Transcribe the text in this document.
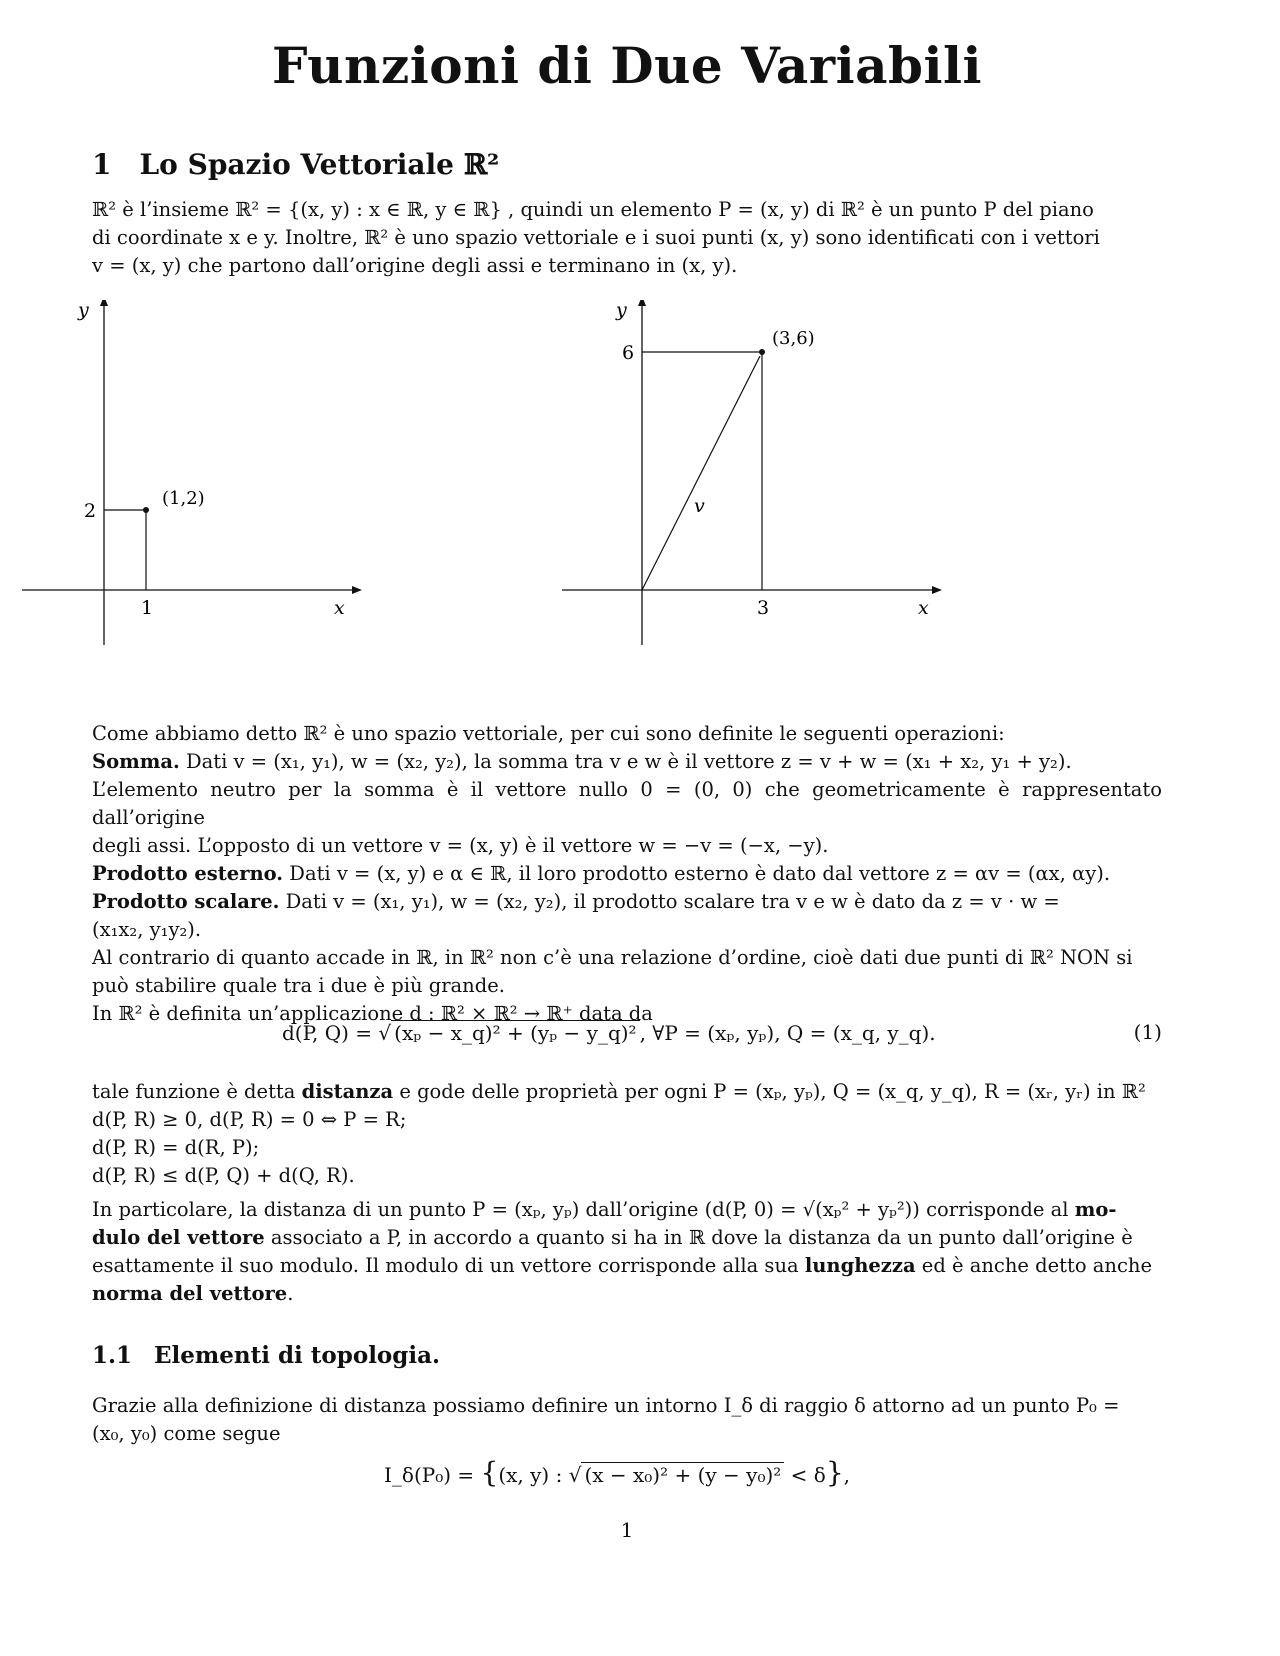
Funzioni di Due Variabili
1 Lo Spazio Vettoriale ℝ²
ℝ² è l’insieme ℝ² = {(x, y) : x ∈ ℝ, y ∈ ℝ} , quindi un elemento P = (x, y) di ℝ² è un punto P del piano
di coordinate x e y. Inoltre, ℝ² è uno spazio vettoriale e i suoi punti (x, y) sono identificati con i vettori
v = (x, y) che partono dall’origine degli assi e terminano in (x, y).
y
x
2
1
(1,2)
y
x
6
3
(3,6)
v
Come abbiamo detto ℝ² è uno spazio vettoriale, per cui sono definite le seguenti operazioni:
Somma. Dati v = (x₁, y₁), w = (x₂, y₂), la somma tra v e w è il vettore z = v + w = (x₁ + x₂, y₁ + y₂).
L’elemento neutro per la somma è il vettore nullo 0 = (0, 0) che geometricamente è rappresentato dall’origine
degli assi. L’opposto di un vettore v = (x, y) è il vettore w = −v = (−x, −y).
Prodotto esterno. Dati v = (x, y) e α ∈ ℝ, il loro prodotto esterno è dato dal vettore z = αv = (αx, αy).
Prodotto scalare. Dati v = (x₁, y₁), w = (x₂, y₂), il prodotto scalare tra v e w è dato da z = v · w =
(x₁x₂, y₁y₂).
Al contrario di quanto accade in ℝ, in ℝ² non c’è una relazione d’ordine, cioè dati due punti di ℝ² NON si
può stabilire quale tra i due è più grande.
In ℝ² è definita un’applicazione d : ℝ² × ℝ² → ℝ⁺ data da
d(P, Q) = √ (xₚ − x_q)² + (yₚ − y_q)² , ∀P = (xₚ, yₚ), Q = (x_q, y_q).	(1)
tale funzione è detta distanza e gode delle proprietà per ogni P = (xₚ, yₚ), Q = (x_q, y_q), R = (xᵣ, yᵣ) in ℝ²
d(P, R) ≥ 0, d(P, R) = 0 ⇔ P = R;
d(P, R) = d(R, P);
d(P, R) ≤ d(P, Q) + d(Q, R).
In particolare, la distanza di un punto P = (xₚ, yₚ) dall’origine (d(P, 0) = √(xₚ² + yₚ²)) corrisponde al mo-
dulo del vettore associato a P, in accordo a quanto si ha in ℝ dove la distanza da un punto dall’origine è
esattamente il suo modulo. Il modulo di un vettore corrisponde alla sua lunghezza ed è anche detto anche
norma del vettore.
1.1 Elementi di topologia.
Grazie alla definizione di distanza possiamo definire un intorno I_δ di raggio δ attorno ad un punto P₀ =
(x₀, y₀) come segue
I_δ(P₀) = {(x, y) : √ (x − x₀)² + (y − y₀)² < δ},
1
